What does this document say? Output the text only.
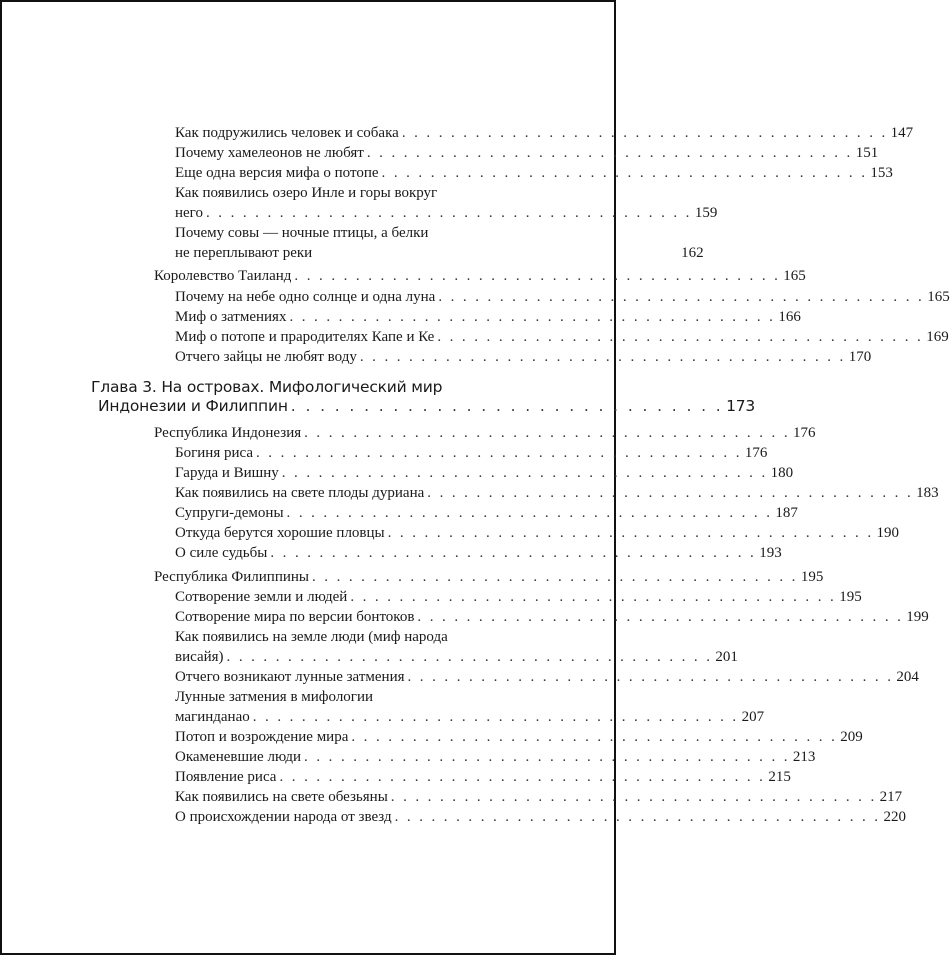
Как подружились человек и собака . . . . . . . . . . . . . . . . . . . . . . . . . . . . . . . . . . . . . . . . 147
Почему хамелеонов не любят . . . . . . . . . . . . . . . . . . . . . . . . . . . . . . . . . . . . . . . . 151
Еще одна версия мифа о потопе . . . . . . . . . . . . . . . . . . . . . . . . . . . . . . . . . . . . . . . . 153
Как появились озеро Инле и горы вокруг
него . . . . . . . . . . . . . . . . . . . . . . . . . . . . . . . . . . . . . . . . 159
Почему совы — ночные птицы, а белки
не переплывают реки	162
Королевство Таиланд . . . . . . . . . . . . . . . . . . . . . . . . . . . . . . . . . . . . . . . . 165
Почему на небе одно солнце и одна луна . . . . . . . . . . . . . . . . . . . . . . . . . . . . . . . . . . . . . . . . 165
Миф о затмениях . . . . . . . . . . . . . . . . . . . . . . . . . . . . . . . . . . . . . . . . 166
Миф о потопе и прародителях Капе и Ке . . . . . . . . . . . . . . . . . . . . . . . . . . . . . . . . . . . . . . . . 169
Отчего зайцы не любят воду . . . . . . . . . . . . . . . . . . . . . . . . . . . . . . . . . . . . . . . . 170
Глава 3. На островах. Мифологический мир
Индонезии и Филиппин . . . . . . . . . . . . . . . . . . . . . . . . . . . . . . 173
Республика Индонезия . . . . . . . . . . . . . . . . . . . . . . . . . . . . . . . . . . . . . . . . 176
Богиня риса . . . . . . . . . . . . . . . . . . . . . . . . . . . . . . . . . . . . . . . . 176
Гаруда и Вишну . . . . . . . . . . . . . . . . . . . . . . . . . . . . . . . . . . . . . . . . 180
Как появились на свете плоды дуриана . . . . . . . . . . . . . . . . . . . . . . . . . . . . . . . . . . . . . . . . 183
Супруги-демоны . . . . . . . . . . . . . . . . . . . . . . . . . . . . . . . . . . . . . . . . 187
Откуда берутся хорошие пловцы . . . . . . . . . . . . . . . . . . . . . . . . . . . . . . . . . . . . . . . . 190
О силе судьбы . . . . . . . . . . . . . . . . . . . . . . . . . . . . . . . . . . . . . . . . 193
Республика Филиппины . . . . . . . . . . . . . . . . . . . . . . . . . . . . . . . . . . . . . . . . 195
Сотворение земли и людей . . . . . . . . . . . . . . . . . . . . . . . . . . . . . . . . . . . . . . . . 195
Сотворение мира по версии бонтоков . . . . . . . . . . . . . . . . . . . . . . . . . . . . . . . . . . . . . . . . 199
Как появились на земле люди (миф народа
висайя) . . . . . . . . . . . . . . . . . . . . . . . . . . . . . . . . . . . . . . . . 201
Отчего возникают лунные затмения . . . . . . . . . . . . . . . . . . . . . . . . . . . . . . . . . . . . . . . . 204
Лунные затмения в мифологии
магинданао . . . . . . . . . . . . . . . . . . . . . . . . . . . . . . . . . . . . . . . . 207
Потоп и возрождение мира . . . . . . . . . . . . . . . . . . . . . . . . . . . . . . . . . . . . . . . . 209
Окаменевшие люди . . . . . . . . . . . . . . . . . . . . . . . . . . . . . . . . . . . . . . . . 213
Появление риса . . . . . . . . . . . . . . . . . . . . . . . . . . . . . . . . . . . . . . . . 215
Как появились на свете обезьяны . . . . . . . . . . . . . . . . . . . . . . . . . . . . . . . . . . . . . . . . 217
О происхождении народа от звезд . . . . . . . . . . . . . . . . . . . . . . . . . . . . . . . . . . . . . . . . 220
